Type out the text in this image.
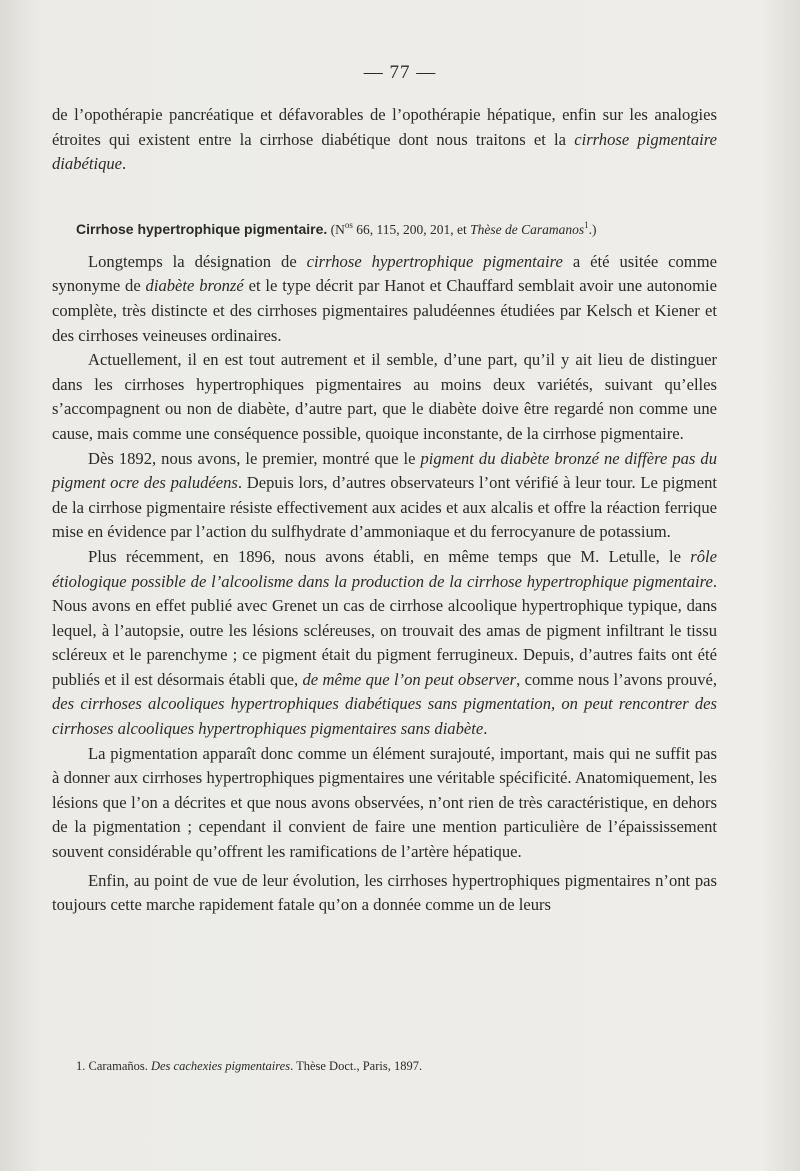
— 77 —

de l’opothérapie pancréatique et défavorables de l’opothérapie hépatique, enfin sur les analogies étroites qui existent entre la cirrhose diabétique dont nous traitons et la cirrhose pigmentaire diabétique.

Cirrhose hypertrophique pigmentaire. ($N^{os}$ 66, 115, 200, 201, et Thèse de Caramanos$^1$.)

Longtemps la désignation de cirrhose hypertrophique pigmentaire a été usitée comme synonyme de diabète bronzé et le type décrit par Hanot et Chauffard semblait avoir une autonomie complète, très distincte et des cirrhoses pigmentaires paludéennes étudiées par Kelsch et Kiener et des cirrhoses veineuses ordinaires.

Actuellement, il en est tout autrement et il semble, d’une part, qu’il y ait lieu de distinguer dans les cirrhoses hypertrophiques pigmentaires au moins deux variétés, suivant qu’elles s’accompagnent ou non de diabète, d’autre part, que le diabète doive être regardé non comme une cause, mais comme une conséquence possible, quoique inconstante, de la cirrhose pigmentaire.

Dès 1892, nous avons, le premier, montré que le pigment du diabète bronzé ne diffère pas du pigment ocre des paludéens. Depuis lors, d’autres observateurs l’ont vérifié à leur tour. Le pigment de la cirrhose pigmentaire résiste effectivement aux acides et aux alcalis et offre la réaction ferrique mise en évidence par l’action du sulfhydrate d’ammoniaque et du ferrocyanure de potassium.

Plus récemment, en 1896, nous avons établi, en même temps que M. Letulle, le rôle étiologique possible de l’alcoolisme dans la production de la cirrhose hypertrophique pigmentaire. Nous avons en effet publié avec Grenet un cas de cirrhose alcoolique hypertrophique typique, dans lequel, à l’autopsie, outre les lésions scléreuses, on trouvait des amas de pigment infiltrant le tissu scléreux et le parenchyme ; ce pigment était du pigment ferrugineux. Depuis, d’autres faits ont été publiés et il est désormais établi que, de même que l’on peut observer, comme nous l’avons prouvé, des cirrhoses alcooliques hypertrophiques diabétiques sans pigmentation, on peut rencontrer des cirrhoses alcooliques hypertrophiques pigmentaires sans diabète.

La pigmentation apparaît donc comme un élément surajouté, important, mais qui ne suffit pas à donner aux cirrhoses hypertrophiques pigmentaires une véritable spécificité. Anatomiquement, les lésions que l’on a décrites et que nous avons observées, n’ont rien de très caractéristique, en dehors de la pigmentation ; cependant il convient de faire une mention particulière de l’épaississement souvent considérable qu’offrent les ramifications de l’artère hépatique.

Enfin, au point de vue de leur évolution, les cirrhoses hypertrophiques pigmentaires n’ont pas toujours cette marche rapidement fatale qu’on a donnée comme un de leurs

1. Caramaños. Des cachexies pigmentaires. Thèse Doct., Paris, 1897.
